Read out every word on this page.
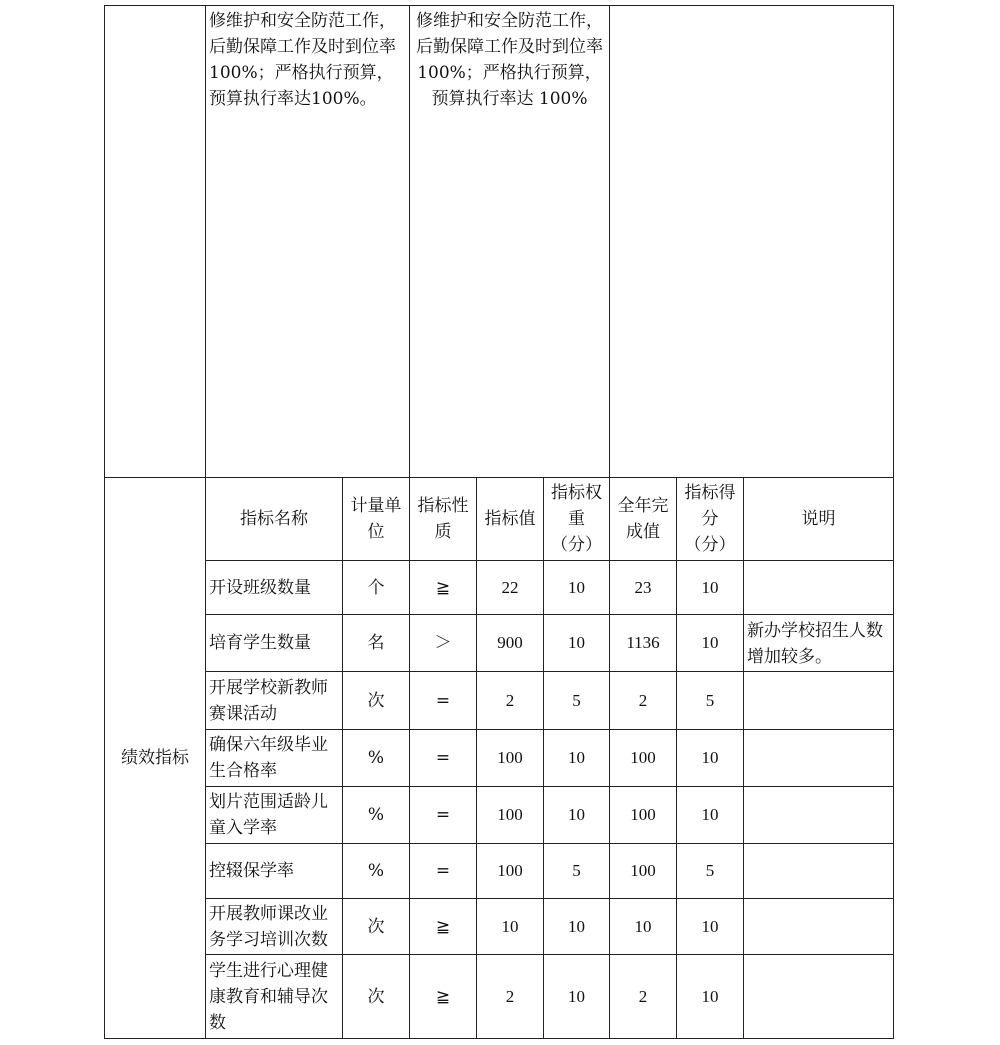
	修维护和安全防范工作，后勤保障工作及时到位率 100%；严格执行预算，预算执行率达100%。		修维护和安全防范工作，后勤保障工作及时到位率 100%；严格执行预算，预算执行率达 100%					

绩效指标	指标名称	计量单位	指标性质	指标值	指标权重（分）	全年完成值	指标得分（分）	说明
	开设班级数量	个	≧	22	10	23	10	
	培育学生数量	名	＞	900	10	1136	10	新办学校招生人数增加较多。

	开展学校新教师赛课活动	次	=	2	5	2	5	
	确保六年级毕业生合格率	%	=	100	10	100	10	
	划片范围适龄儿童入学率	%	=	100	10	100	10	
	控辍保学率	%	=	100	5	100	5	
	开展教师课改业务学习培训次数	次	≧	10	10	10	10	
	学生进行心理健康教育和辅导次数	次	≧	2	10	2	10	
